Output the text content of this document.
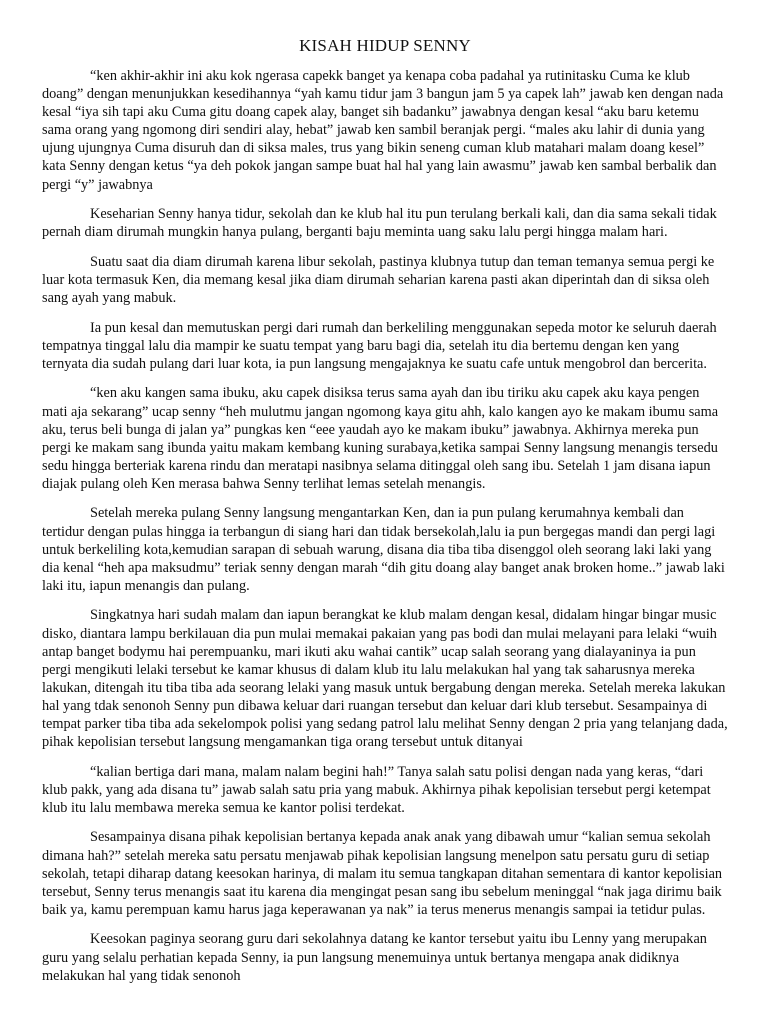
KISAH HIDUP SENNY

“ken akhir-akhir ini aku kok ngerasa capekk banget ya kenapa coba padahal ya rutinitasku Cuma ke klub doang” dengan menunjukkan kesedihannya “yah kamu tidur jam 3 bangun jam 5 ya capek lah” jawab ken dengan nada kesal “iya sih tapi aku Cuma gitu doang capek alay, banget sih badanku” jawabnya dengan kesal “aku baru ketemu sama orang yang ngomong diri sendiri alay, hebat” jawab ken sambil beranjak pergi. “males aku lahir di dunia yang ujung ujungnya Cuma disuruh dan di siksa males, trus yang bikin seneng cuman klub matahari malam doang kesel” kata Senny dengan ketus “ya deh pokok jangan sampe buat hal hal yang lain awasmu” jawab ken sambal berbalik dan pergi “y” jawabnya

Keseharian Senny hanya tidur, sekolah dan ke klub hal itu pun terulang berkali kali, dan dia sama sekali tidak pernah diam dirumah mungkin hanya pulang, berganti baju meminta uang saku lalu pergi hingga malam hari.

Suatu saat dia diam dirumah karena libur sekolah, pastinya klubnya tutup dan teman temanya semua pergi ke luar kota termasuk Ken, dia memang kesal jika diam dirumah seharian karena pasti akan diperintah dan di siksa oleh sang ayah yang mabuk.

Ia pun kesal dan memutuskan pergi dari rumah dan berkeliling menggunakan sepeda motor ke seluruh daerah tempatnya tinggal lalu dia mampir ke suatu tempat yang baru bagi dia, setelah itu dia bertemu dengan ken yang ternyata dia sudah pulang dari luar kota, ia pun langsung mengajaknya ke suatu cafe untuk mengobrol dan bercerita.

“ken aku kangen sama ibuku, aku capek disiksa terus sama ayah dan ibu tiriku aku capek aku kaya pengen mati aja sekarang” ucap senny “heh mulutmu jangan ngomong kaya gitu ahh, kalo kangen ayo ke makam ibumu sama aku, terus beli bunga di jalan ya” pungkas ken “eee yaudah ayo ke makam ibuku” jawabnya. Akhirnya mereka pun pergi ke makam sang ibunda yaitu makam kembang kuning surabaya,ketika sampai Senny langsung menangis tersedu sedu hingga berteriak karena rindu dan meratapi nasibnya selama ditinggal oleh sang ibu. Setelah 1 jam disana iapun diajak pulang oleh Ken merasa bahwa Senny terlihat lemas setelah menangis.

Setelah mereka pulang Senny langsung mengantarkan Ken, dan ia pun pulang kerumahnya kembali dan tertidur dengan pulas hingga ia terbangun di siang hari dan tidak bersekolah,lalu ia pun bergegas mandi dan pergi lagi untuk berkeliling kota,kemudian sarapan di sebuah warung, disana dia tiba tiba disenggol oleh seorang laki laki yang dia kenal “heh apa maksudmu” teriak senny dengan marah “dih gitu doang alay banget anak broken home..” jawab laki laki itu, iapun menangis dan pulang.

Singkatnya hari sudah malam dan iapun berangkat ke klub malam dengan kesal, didalam hingar bingar music disko, diantara lampu berkilauan dia pun mulai memakai pakaian yang pas bodi dan mulai melayani para lelaki “wuih antap banget bodymu hai perempuanku, mari ikuti aku wahai cantik” ucap salah seorang yang dialayaninya ia pun pergi mengikuti lelaki tersebut ke kamar khusus di dalam klub itu lalu melakukan hal yang tak saharusnya mereka lakukan, ditengah itu tiba tiba ada seorang lelaki yang masuk untuk bergabung dengan mereka. Setelah mereka lakukan hal yang tdak senonoh Senny pun dibawa keluar dari ruangan tersebut dan keluar dari klub tersebut. Sesampainya di tempat parker tiba tiba ada sekelompok polisi yang sedang patrol lalu melihat Senny dengan 2 pria yang telanjang dada, pihak kepolisian tersebut langsung mengamankan tiga orang tersebut untuk ditanyai

“kalian bertiga dari mana, malam nalam begini hah!” Tanya salah satu polisi dengan nada yang keras, “dari klub pakk, yang ada disana tu” jawab salah satu pria yang mabuk. Akhirnya pihak kepolisian tersebut pergi ketempat klub itu lalu membawa mereka semua ke kantor polisi terdekat.

Sesampainya disana pihak kepolisian bertanya kepada anak anak yang dibawah umur “kalian semua sekolah dimana hah?” setelah mereka satu persatu menjawab pihak kepolisian langsung menelpon satu persatu guru di setiap sekolah, tetapi diharap datang keesokan harinya, di malam itu semua tangkapan ditahan sementara di kantor kepolisian tersebut, Senny terus menangis saat itu karena dia mengingat pesan sang ibu sebelum meninggal “nak jaga dirimu baik baik ya, kamu perempuan kamu harus jaga keperawanan ya nak” ia terus menerus menangis sampai ia tetidur pulas.

Keesokan paginya seorang guru dari sekolahnya datang ke kantor tersebut yaitu ibu Lenny yang merupakan guru yang selalu perhatian kepada Senny, ia pun langsung menemuinya untuk bertanya mengapa anak didiknya melakukan hal yang tidak senonoh
